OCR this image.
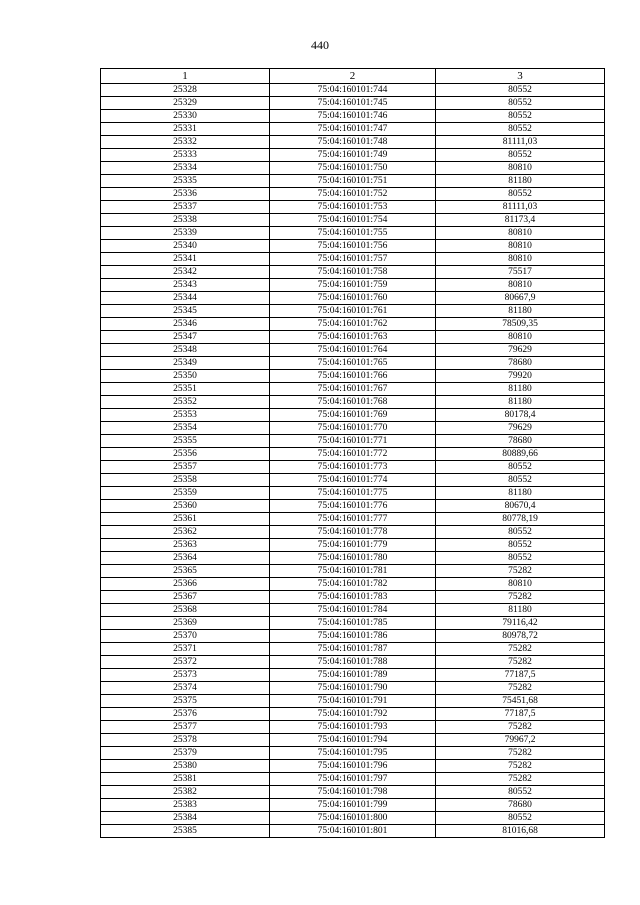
440
1	2	3
25328	75:04:160101:744	80552
25329	75:04:160101:745	80552
25330	75:04:160101:746	80552
25331	75:04:160101:747	80552
25332	75:04:160101:748	81111,03
25333	75:04:160101:749	80552
25334	75:04:160101:750	80810
25335	75:04:160101:751	81180
25336	75:04:160101:752	80552
25337	75:04:160101:753	81111,03
25338	75:04:160101:754	81173,4
25339	75:04:160101:755	80810
25340	75:04:160101:756	80810
25341	75:04:160101:757	80810
25342	75:04:160101:758	75517
25343	75:04:160101:759	80810
25344	75:04:160101:760	80667,9
25345	75:04:160101:761	81180
25346	75:04:160101:762	78509,35
25347	75:04:160101:763	80810
25348	75:04:160101:764	79629
25349	75:04:160101:765	78680
25350	75:04:160101:766	79920
25351	75:04:160101:767	81180
25352	75:04:160101:768	81180
25353	75:04:160101:769	80178,4
25354	75:04:160101:770	79629
25355	75:04:160101:771	78680
25356	75:04:160101:772	80889,66
25357	75:04:160101:773	80552
25358	75:04:160101:774	80552
25359	75:04:160101:775	81180
25360	75:04:160101:776	80670,4
25361	75:04:160101:777	80778,19
25362	75:04:160101:778	80552
25363	75:04:160101:779	80552
25364	75:04:160101:780	80552
25365	75:04:160101:781	75282
25366	75:04:160101:782	80810
25367	75:04:160101:783	75282
25368	75:04:160101:784	81180
25369	75:04:160101:785	79116,42
25370	75:04:160101:786	80978,72
25371	75:04:160101:787	75282
25372	75:04:160101:788	75282
25373	75:04:160101:789	77187,5
25374	75:04:160101:790	75282
25375	75:04:160101:791	75451,68
25376	75:04:160101:792	77187,5
25377	75:04:160101:793	75282
25378	75:04:160101:794	79967,2
25379	75:04:160101:795	75282
25380	75:04:160101:796	75282
25381	75:04:160101:797	75282
25382	75:04:160101:798	80552
25383	75:04:160101:799	78680
25384	75:04:160101:800	80552
25385	75:04:160101:801	81016,68
